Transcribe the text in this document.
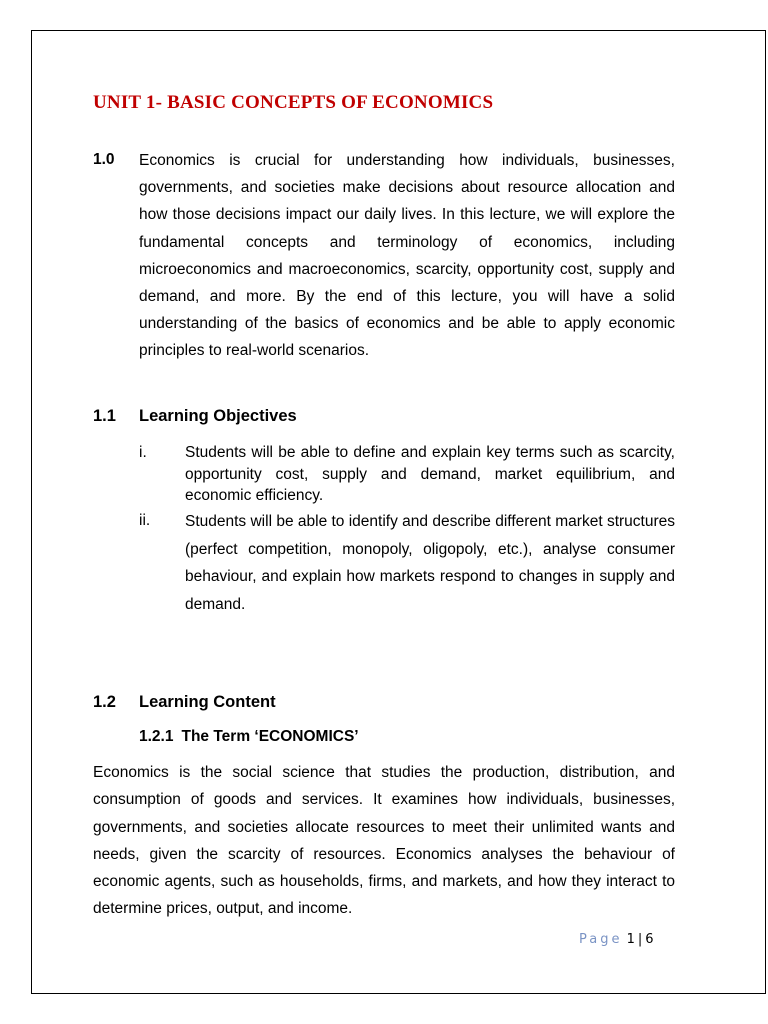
UNIT 1- BASIC CONCEPTS OF ECONOMICS
1.0 Economics is crucial for understanding how individuals, businesses, governments, and societies make decisions about resource allocation and how those decisions impact our daily lives. In this lecture, we will explore the fundamental concepts and terminology of economics, including microeconomics and macroeconomics, scarcity, opportunity cost, supply and demand, and more. By the end of this lecture, you will have a solid understanding of the basics of economics and be able to apply economic principles to real-world scenarios.

1.1 Learning Objectives
i. Students will be able to define and explain key terms such as scarcity, opportunity cost, supply and demand, market equilibrium, and economic efficiency.

ii. Students will be able to identify and describe different market structures (perfect competition, monopoly, oligopoly, etc.), analyse consumer behaviour, and explain how markets respond to changes in supply and demand.

1.2 Learning Content
1.2.1 The Term ‘ECONOMICS’

Economics is the social science that studies the production, distribution, and consumption of goods and services. It examines how individuals, businesses, governments, and societies allocate resources to meet their unlimited wants and needs, given the scarcity of resources. Economics analyses the behaviour of economic agents, such as households, firms, and markets, and how they interact to determine prices, output, and income.

Page 1 | 6
